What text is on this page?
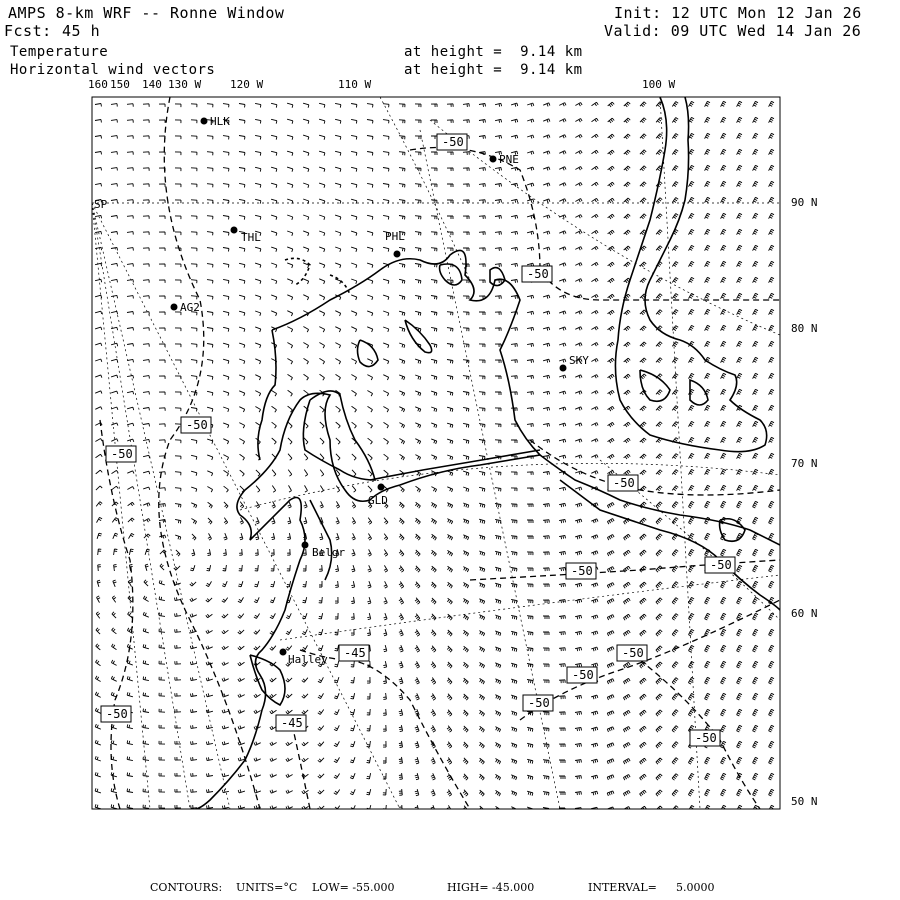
AMPS 8-km WRF -- Ronne Window
Fcst: 45 h
Init: 12 UTC Mon 12 Jan 26
Valid: 09 UTC Wed 14 Jan 26
Temperature	at height =  9.14 km
Horizontal wind vectors	at height =  9.14 km
160 150 140 130 W	120 W	110 W	100 W
90 N
80 N
70 N
60 N
50 N
HLK
PNE
THL	PHL
AG2
SKY
GLD
Belgr
Halley
SP
-50
-50
-50
-50
-50
-50	-50
-50
-50
-50
-50
-45
-45
-50
CONTOURS: UNITS=°C LOW= -55.000	HIGH= -45.000	INTERVAL= 5.0000
